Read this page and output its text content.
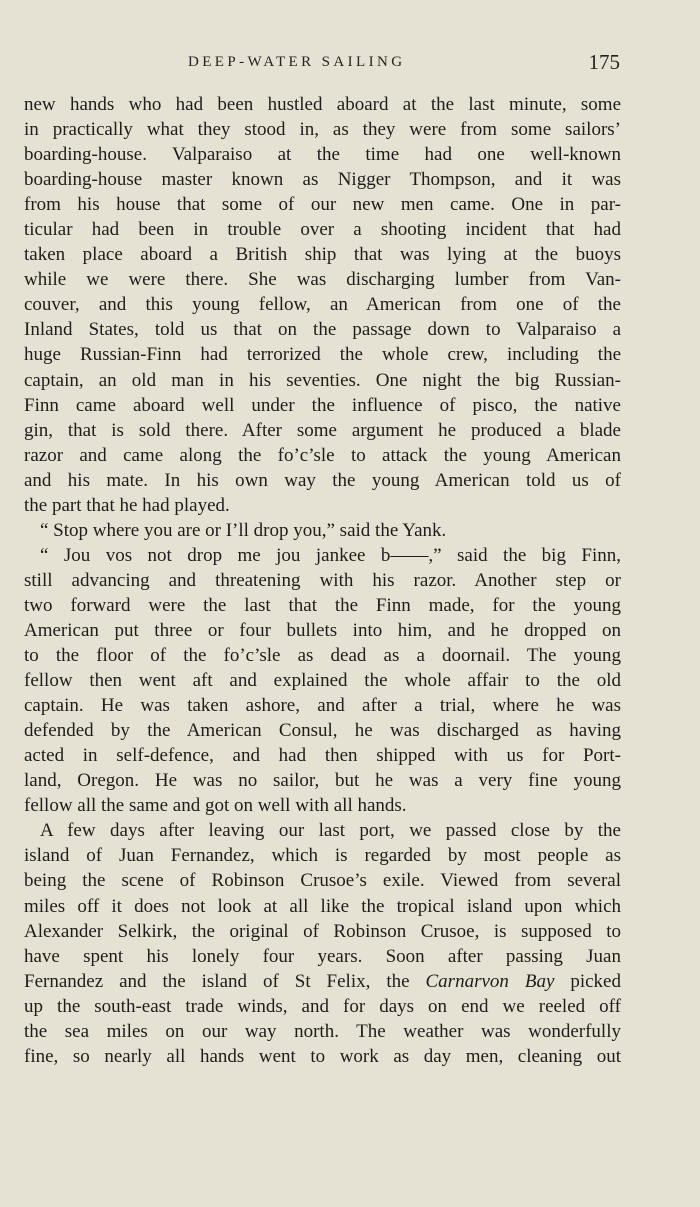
DEEP-WATER SAILING	175
new hands who had been hustled aboard at the last minute, some
in practically what they stood in, as they were from some sailors’
boarding-house. Valparaiso at the time had one well-known
boarding-house master known as Nigger Thompson, and it was
from his house that some of our new men came. One in par-
ticular had been in trouble over a shooting incident that had
taken place aboard a British ship that was lying at the buoys
while we were there. She was discharging lumber from Van-
couver, and this young fellow, an American from one of the
Inland States, told us that on the passage down to Valparaiso a
huge Russian-Finn had terrorized the whole crew, including the
captain, an old man in his seventies. One night the big Russian-
Finn came aboard well under the influence of pisco, the native
gin, that is sold there. After some argument he produced a blade
razor and came along the fo’c’sle to attack the young American
and his mate. In his own way the young American told us of
the part that he had played.
“ Stop where you are or I’ll drop you,” said the Yank.
“ Jou vos not drop me jou jankee b——,” said the big Finn,
still advancing and threatening with his razor. Another step or
two forward were the last that the Finn made, for the young
American put three or four bullets into him, and he dropped on
to the floor of the fo’c’sle as dead as a doornail. The young
fellow then went aft and explained the whole affair to the old
captain. He was taken ashore, and after a trial, where he was
defended by the American Consul, he was discharged as having
acted in self-defence, and had then shipped with us for Port-
land, Oregon. He was no sailor, but he was a very fine young
fellow all the same and got on well with all hands.
A few days after leaving our last port, we passed close by the
island of Juan Fernandez, which is regarded by most people as
being the scene of Robinson Crusoe’s exile. Viewed from several
miles off it does not look at all like the tropical island upon which
Alexander Selkirk, the original of Robinson Crusoe, is supposed to
have spent his lonely four years. Soon after passing Juan
Fernandez and the island of St Felix, the Carnarvon Bay picked
up the south-east trade winds, and for days on end we reeled off
the sea miles on our way north. The weather was wonderfully
fine, so nearly all hands went to work as day men, cleaning out
